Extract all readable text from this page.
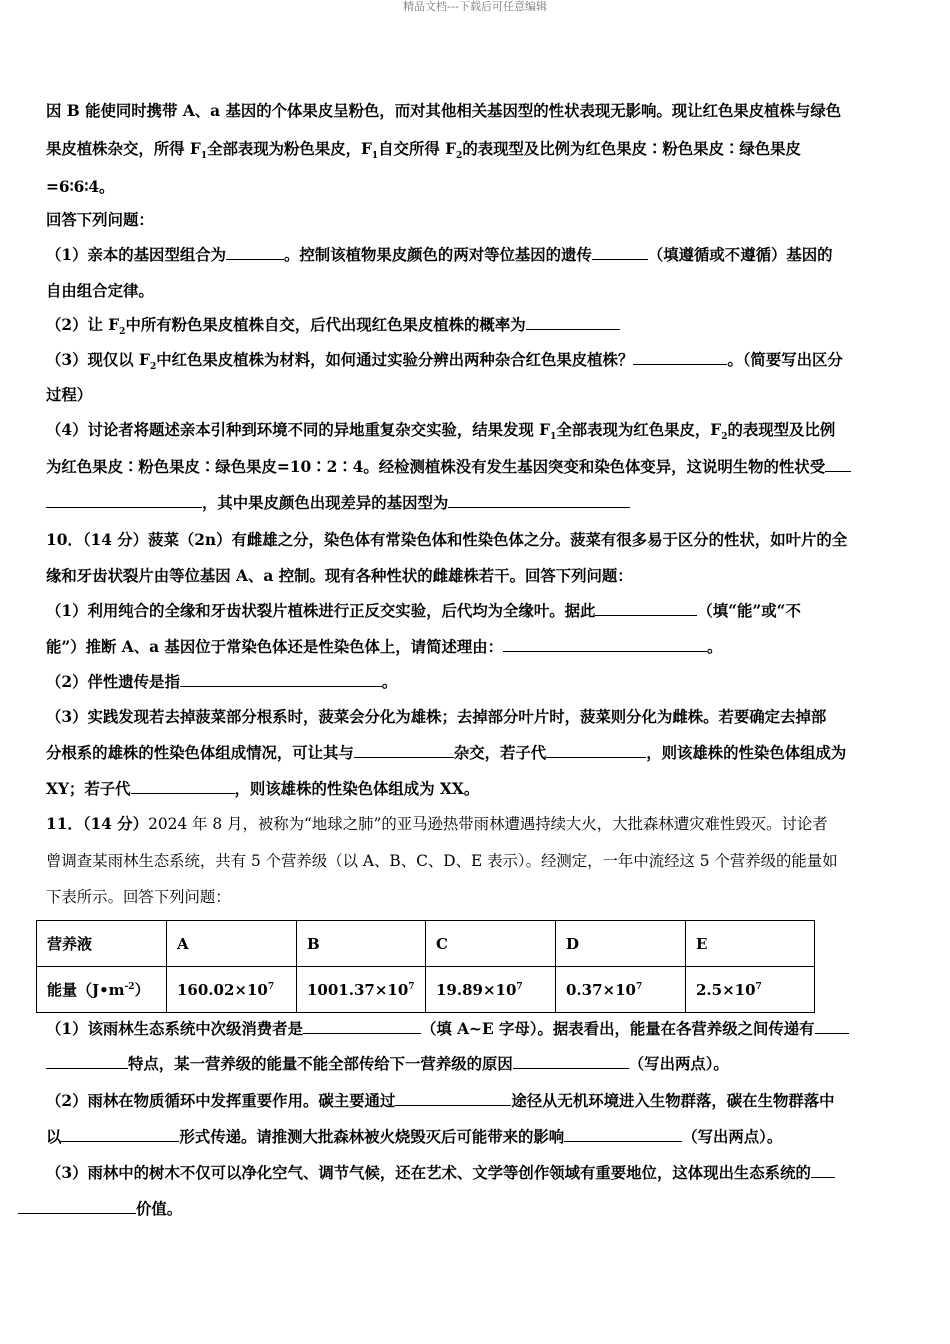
精品文档---下载后可任意编辑
因 B 能使同时携带 A、a 基因的个体果皮呈粉色，而对其他相关基因型的性状表现无影响。现让红色果皮植株与绿色
果皮植株杂交，所得 $F_1$全部表现为粉色果皮，$F_1$自交所得 $F_2$的表现型及比例为红色果皮∶粉色果皮∶绿色果皮
=6∶6∶4。
回答下列问题：
（1）亲本的基因型组合为	。控制该植物果皮颜色的两对等位基因的遗传	（填遵循或不遵循）基因的
自由组合定律。
（2）让 $F_2$中所有粉色果皮植株自交，后代出现红色果皮植株的概率为
（3）现仅以 $F_2$中红色果皮植株为材料，如何通过实验分辨出两种杂合红色果皮植株？	。（简要写出区分
过程）
（4）讨论者将题述亲本引种到环境不同的异地重复杂交实验，结果发现 $F_1$全部表现为红色果皮，$F_2$的表现型及比例
为红色果皮∶粉色果皮∶绿色果皮=10∶2∶4。经检测植株没有发生基因突变和染色体变异，这说明生物的性状受
，其中果皮颜色出现差异的基因型为
10．（14 分）菠菜（2n）有雌雄之分，染色体有常染色体和性染色体之分。菠菜有很多易于区分的性状，如叶片的全
缘和牙齿状裂片由等位基因 A、a 控制。现有各种性状的雌雄株若干。回答下列问题：
（1）利用纯合的全缘和牙齿状裂片植株进行正反交实验，后代均为全缘叶。据此	（填“能”或“不
能”）推断 A、a 基因位于常染色体还是性染色体上，请简述理由：	。
（2）伴性遗传是指	。
（3）实践发现若去掉菠菜部分根系时，菠菜会分化为雄株；去掉部分叶片时，菠菜则分化为雌株。若要确定去掉部
分根系的雄株的性染色体组成情况，可让其与	杂交，若子代	，则该雄株的性染色体组成为
XY；若子代	，则该雄株的性染色体组成为 XX。
11．（14 分）2024 年 8 月，被称为“地球之肺”的亚马逊热带雨林遭遇持续大火，大批森林遭灾难性毁灭。讨论者
曾调查某雨林生态系统，共有 5 个营养级（以 A、B、C、D、E 表示）。经测定，一年中流经这 5 个营养级的能量如
下表所示。回答下列问题：
营养液	A	B	C	D	E
能量$(J•m^{-2})$	$160.02\times 10^7$	$1001.37\times 10^7$	$19.89\times 10^7$	$0.37\times 10^7$	$2.5\times 10^7$
（1）该雨林生态系统中次级消费者是	（填 A~E 字母）。据表看出，能量在各营养级之间传递有
特点，某一营养级的能量不能全部传给下一营养级的原因	（写出两点）。
（2）雨林在物质循环中发挥重要作用。碳主要通过	途径从无机环境进入生物群落，碳在生物群落中
以	形式传递。请推测大批森林被火烧毁灭后可能带来的影响	（写出两点）。
（3）雨林中的树木不仅可以净化空气、调节气候，还在艺术、文学等创作领域有重要地位，这体现出生态系统的
价值。
